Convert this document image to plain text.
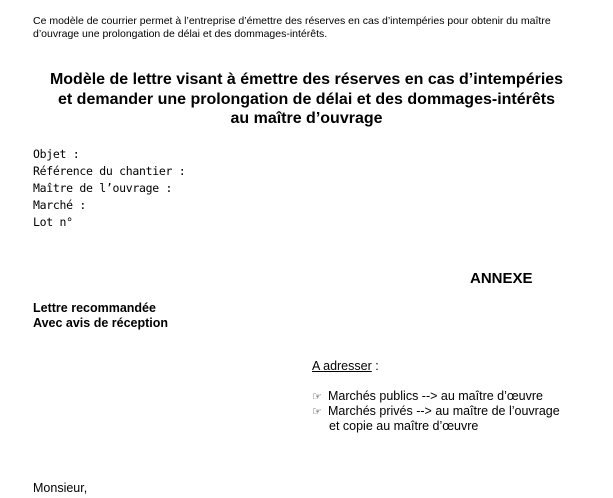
Ce modèle de courrier permet à l’entreprise d’émettre des réserves en cas d’intempéries pour obtenir du maître
d’ouvrage une prolongation de délai et des dommages-intérêts.
Modèle de lettre visant à émettre des réserves en cas d’intempéries
et demander une prolongation de délai et des dommages-intérêts
au maître d’ouvrage
Objet :
Référence du chantier :
Maître de l’ouvrage :
Marché :
Lot n°
ANNEXE
Lettre recommandée
Avec avis de réception
A adresser :
☞ Marchés publics --> au maître d’œuvre
☞ Marchés privés --> au maître de l’ouvrage
et copie au maître d’œuvre
Monsieur,
